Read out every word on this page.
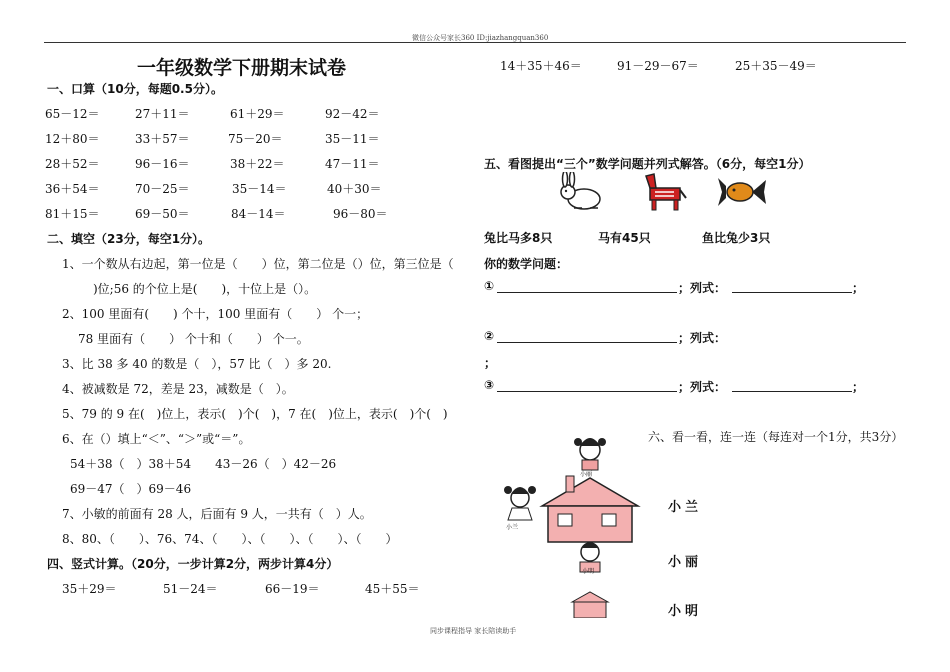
微信公众号家长360 ID:jiazhangquan360
一年级数学下册期末试卷
一、口算（10分，每题0.5分）。
65－12＝	27＋11＝	61＋29＝	92－42＝
12＋80＝	33＋57＝	75－20＝	35－11＝
28＋52＝	96－16＝	38＋22＝	47－11＝
36＋54＝	70－25＝	35－14＝	40＋30＝
81＋15＝	69－50＝	84－14＝	96－80＝
二、填空（23分，每空1分）。
1、一个数从右边起，第一位是（　　）位，第二位是（）位，第三位是（
)位;56 的个位上是(　　)，十位上是（）。
2、100 里面有(　　) 个十，100 里面有（　　） 个一；
78 里面有（　　） 个十和（　　） 个一。
3、比 38 多 40 的数是（　），57 比（　）多 20.
4、被减数是 72，差是 23，减数是（　）。
5、79 的 9 在(　)位上，表示(　)个(　)，7 在(　)位上，表示(　)个(　)
6、在（）填上“＜”、“＞”或“＝”。
54＋38（　）38＋54　　43－26（　）42－26
69－47（　）69－46
7、小敏的前面有 28 人，后面有 9 人，一共有（　）人。
8、80、（　　）、76、74、（　　）、（　　）、（　　）、（　　）
四、竖式计算。（20分，一步计算2分，两步计算4分）
35＋29＝	51－24＝	66－19＝	45＋55＝
14＋35＋46＝	91－29－67＝	25＋35－49＝
五、看图提出“三个”数学问题并列式解答。（6分，每空1分）
兔比马多8只	马有45只	鱼比兔少3只
你的数学问题：
①	；列式：	；
②	；列式：
；
③	；列式：	；
六、看一看，连一连（每连对一个1分，共3分）
小丽
小兰
小明
小兰
小丽
小明
同步课程指导 家长陪读助手
